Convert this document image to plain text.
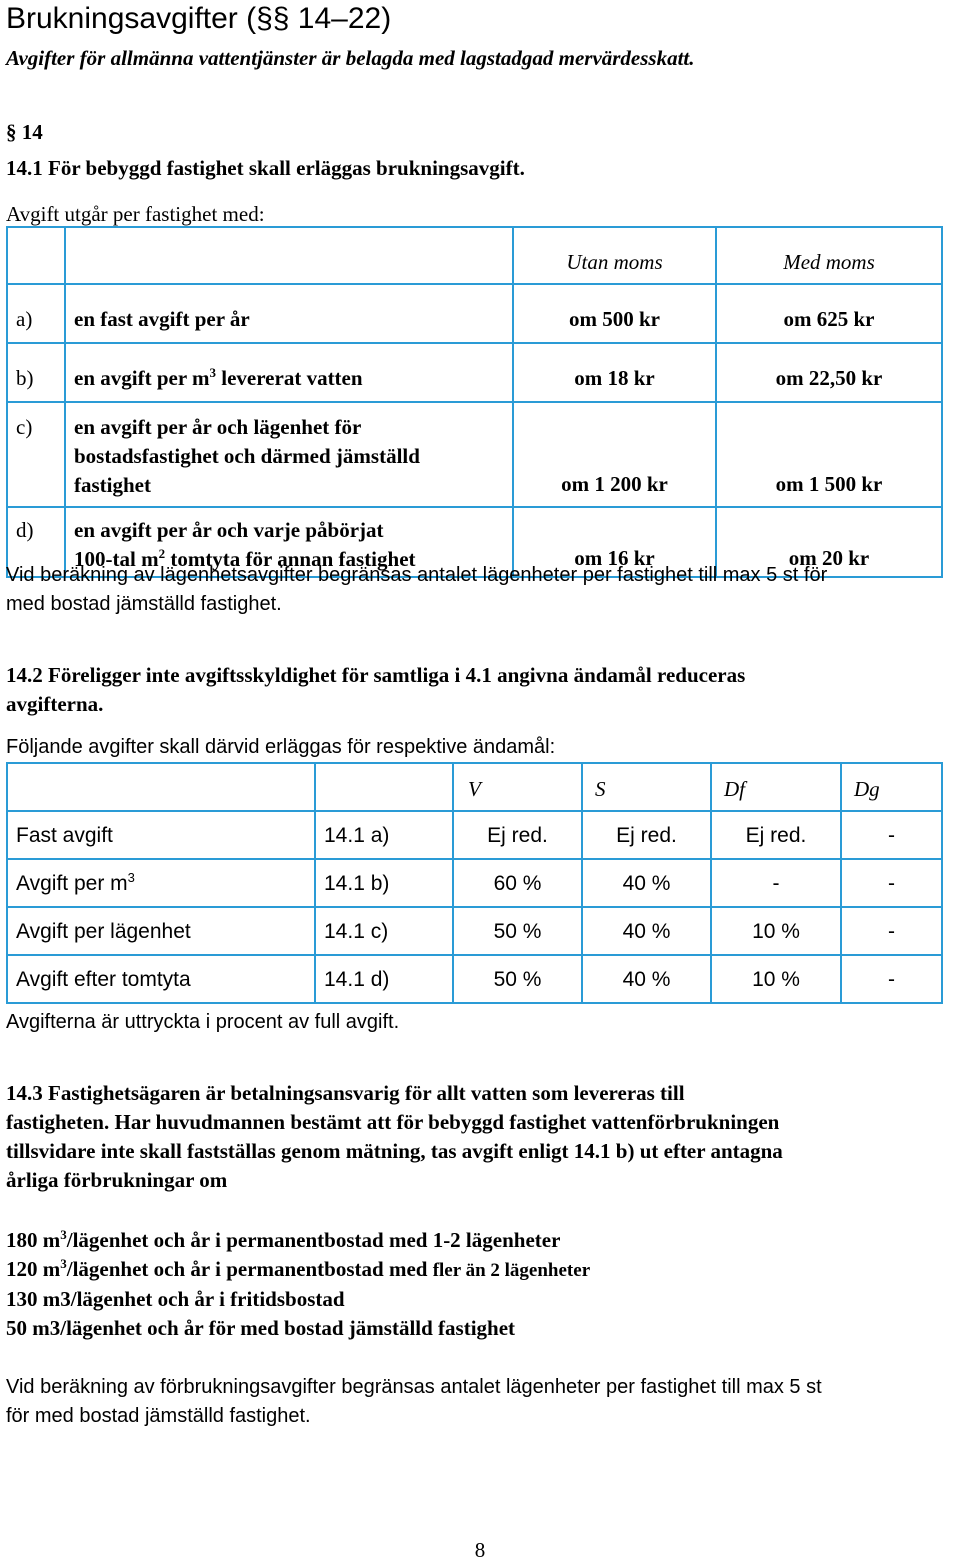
Brukningsavgifter (§§ 14–22)
Avgifter för allmänna vattentjänster är belagda med lagstadgad mervärdesskatt.
§ 14
14.1 För bebyggd fastighet skall erläggas brukningsavgift.
Avgift utgår per fastighet med:
		Utan moms	Med moms
a)	en fast avgift per år	om 500 kr	om 625 kr
b)	en avgift per $m^3$ levererat vatten	om 18 kr	om 22,50 kr
c)	en avgift per år och lägenhet för
bostadsfastighet och därmed jämställd
fastighet	om 1 200 kr	om 1 500 kr
d)	en avgift per år och varje påbörjat
100-tal $m^2$ tomtyta för annan fastighet	om 16 kr	om 20 kr
Vid beräkning av lägenhetsavgifter begränsas antalet lägenheter per fastighet till max 5 st för
med bostad jämställd fastighet.
14.2 Föreligger inte avgiftsskyldighet för samtliga i 4.1 angivna ändamål reduceras
avgifterna.
Följande avgifter skall därvid erläggas för respektive ändamål:
		V	S	Df	Dg
Fast avgift	14.1 a)	Ej red.	Ej red.	Ej red.	-
Avgift per $m^3$	14.1 b)	60 %	40 %	-	-
Avgift per lägenhet	14.1 c)	50 %	40 %	10 %	-
Avgift efter tomtyta	14.1 d)	50 %	40 %	10 %	-
Avgifterna är uttryckta i procent av full avgift.
14.3 Fastighetsägaren är betalningsansvarig för allt vatten som levereras till
fastigheten. Har huvudmannen bestämt att för bebyggd fastighet vattenförbrukningen
tillsvidare inte skall fastställas genom mätning, tas avgift enligt 14.1 b) ut efter antagna
årliga förbrukningar om
180 $m^3$/lägenhet och år i permanentbostad med 1-2 lägenheter
120 $m^3$/lägenhet och år i permanentbostad med fler än 2 lägenheter
130 m3/lägenhet och år i fritidsbostad
50 m3/lägenhet och år för med bostad jämställd fastighet
Vid beräkning av förbrukningsavgifter begränsas antalet lägenheter per fastighet till max 5 st
för med bostad jämställd fastighet.
8
